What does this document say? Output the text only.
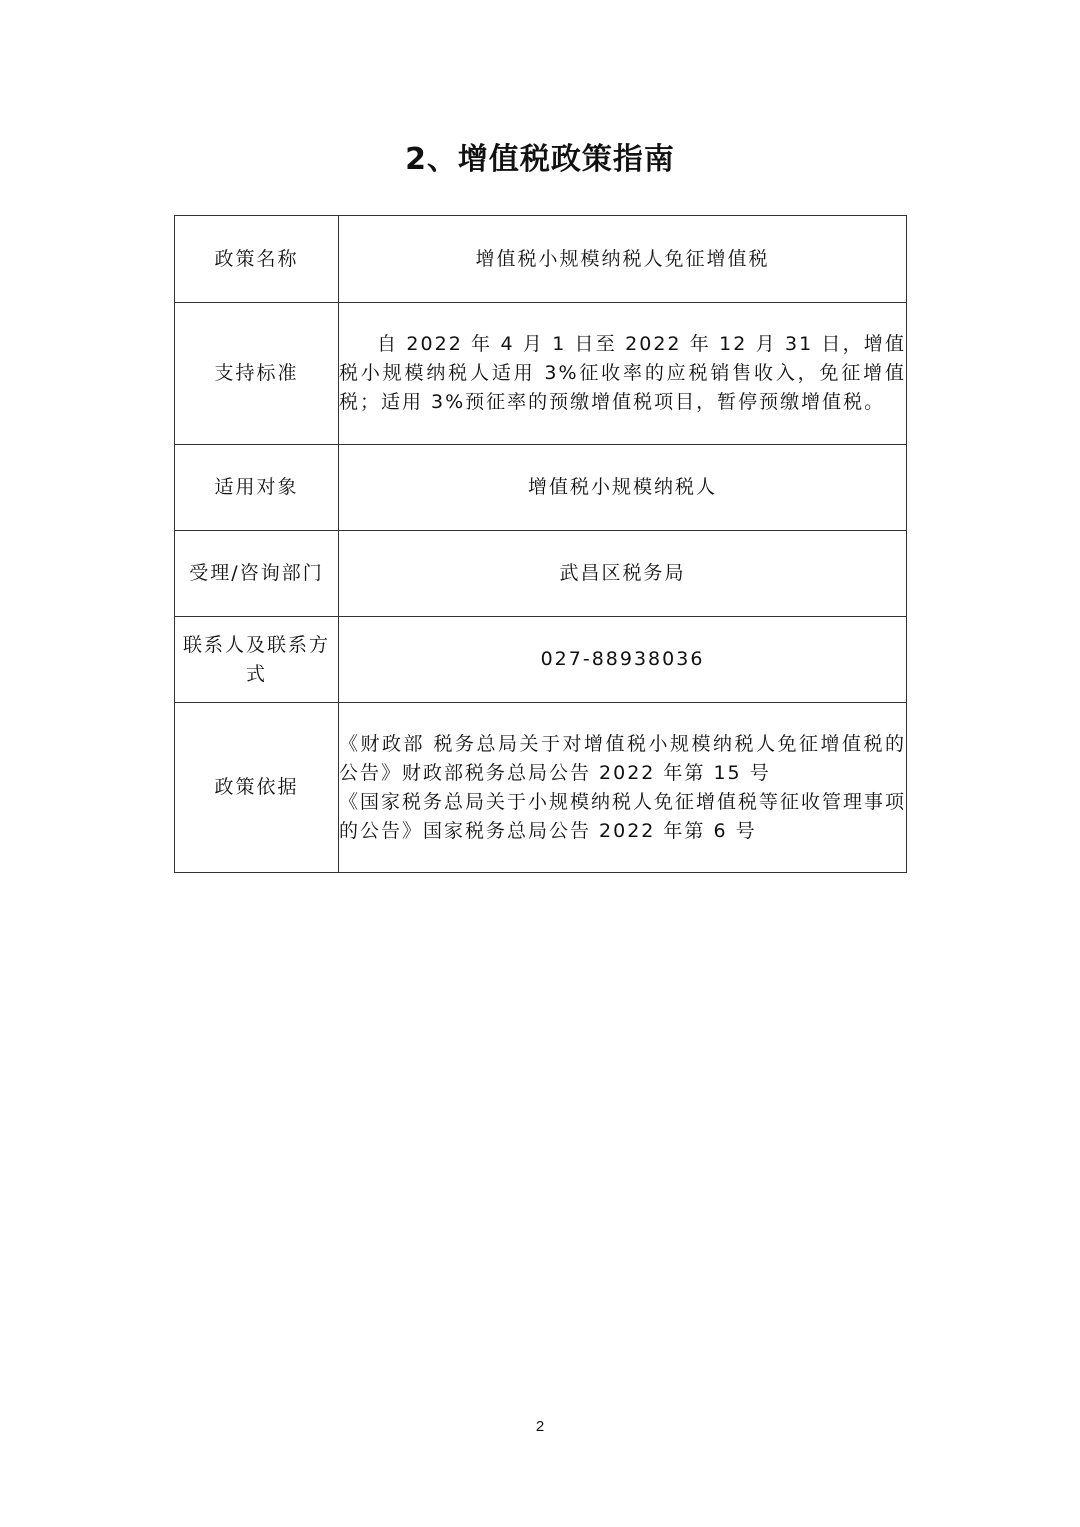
2、增值税政策指南
政策名称	增值税小规模纳税人免征增值税
支持标准	自 2022 年 4 月 1 日至 2022 年 12 月 31 日，增值税小规模纳税人适用 3%征收率的应税销售收入，免征增值税；适用 3%预征率的预缴增值税项目，暂停预缴增值税。

适用对象	增值税小规模纳税人
受理/咨询部门	武昌区税务局
联系人及联系方式	027-88938036
政策依据	《财政部 税务总局关于对增值税小规模纳税人免征增值税的公告》财政部税务总局公告 2022 年第 15 号
《国家税务总局关于小规模纳税人免征增值税等征收管理事项的公告》国家税务总局公告 2022 年第 6 号
2
